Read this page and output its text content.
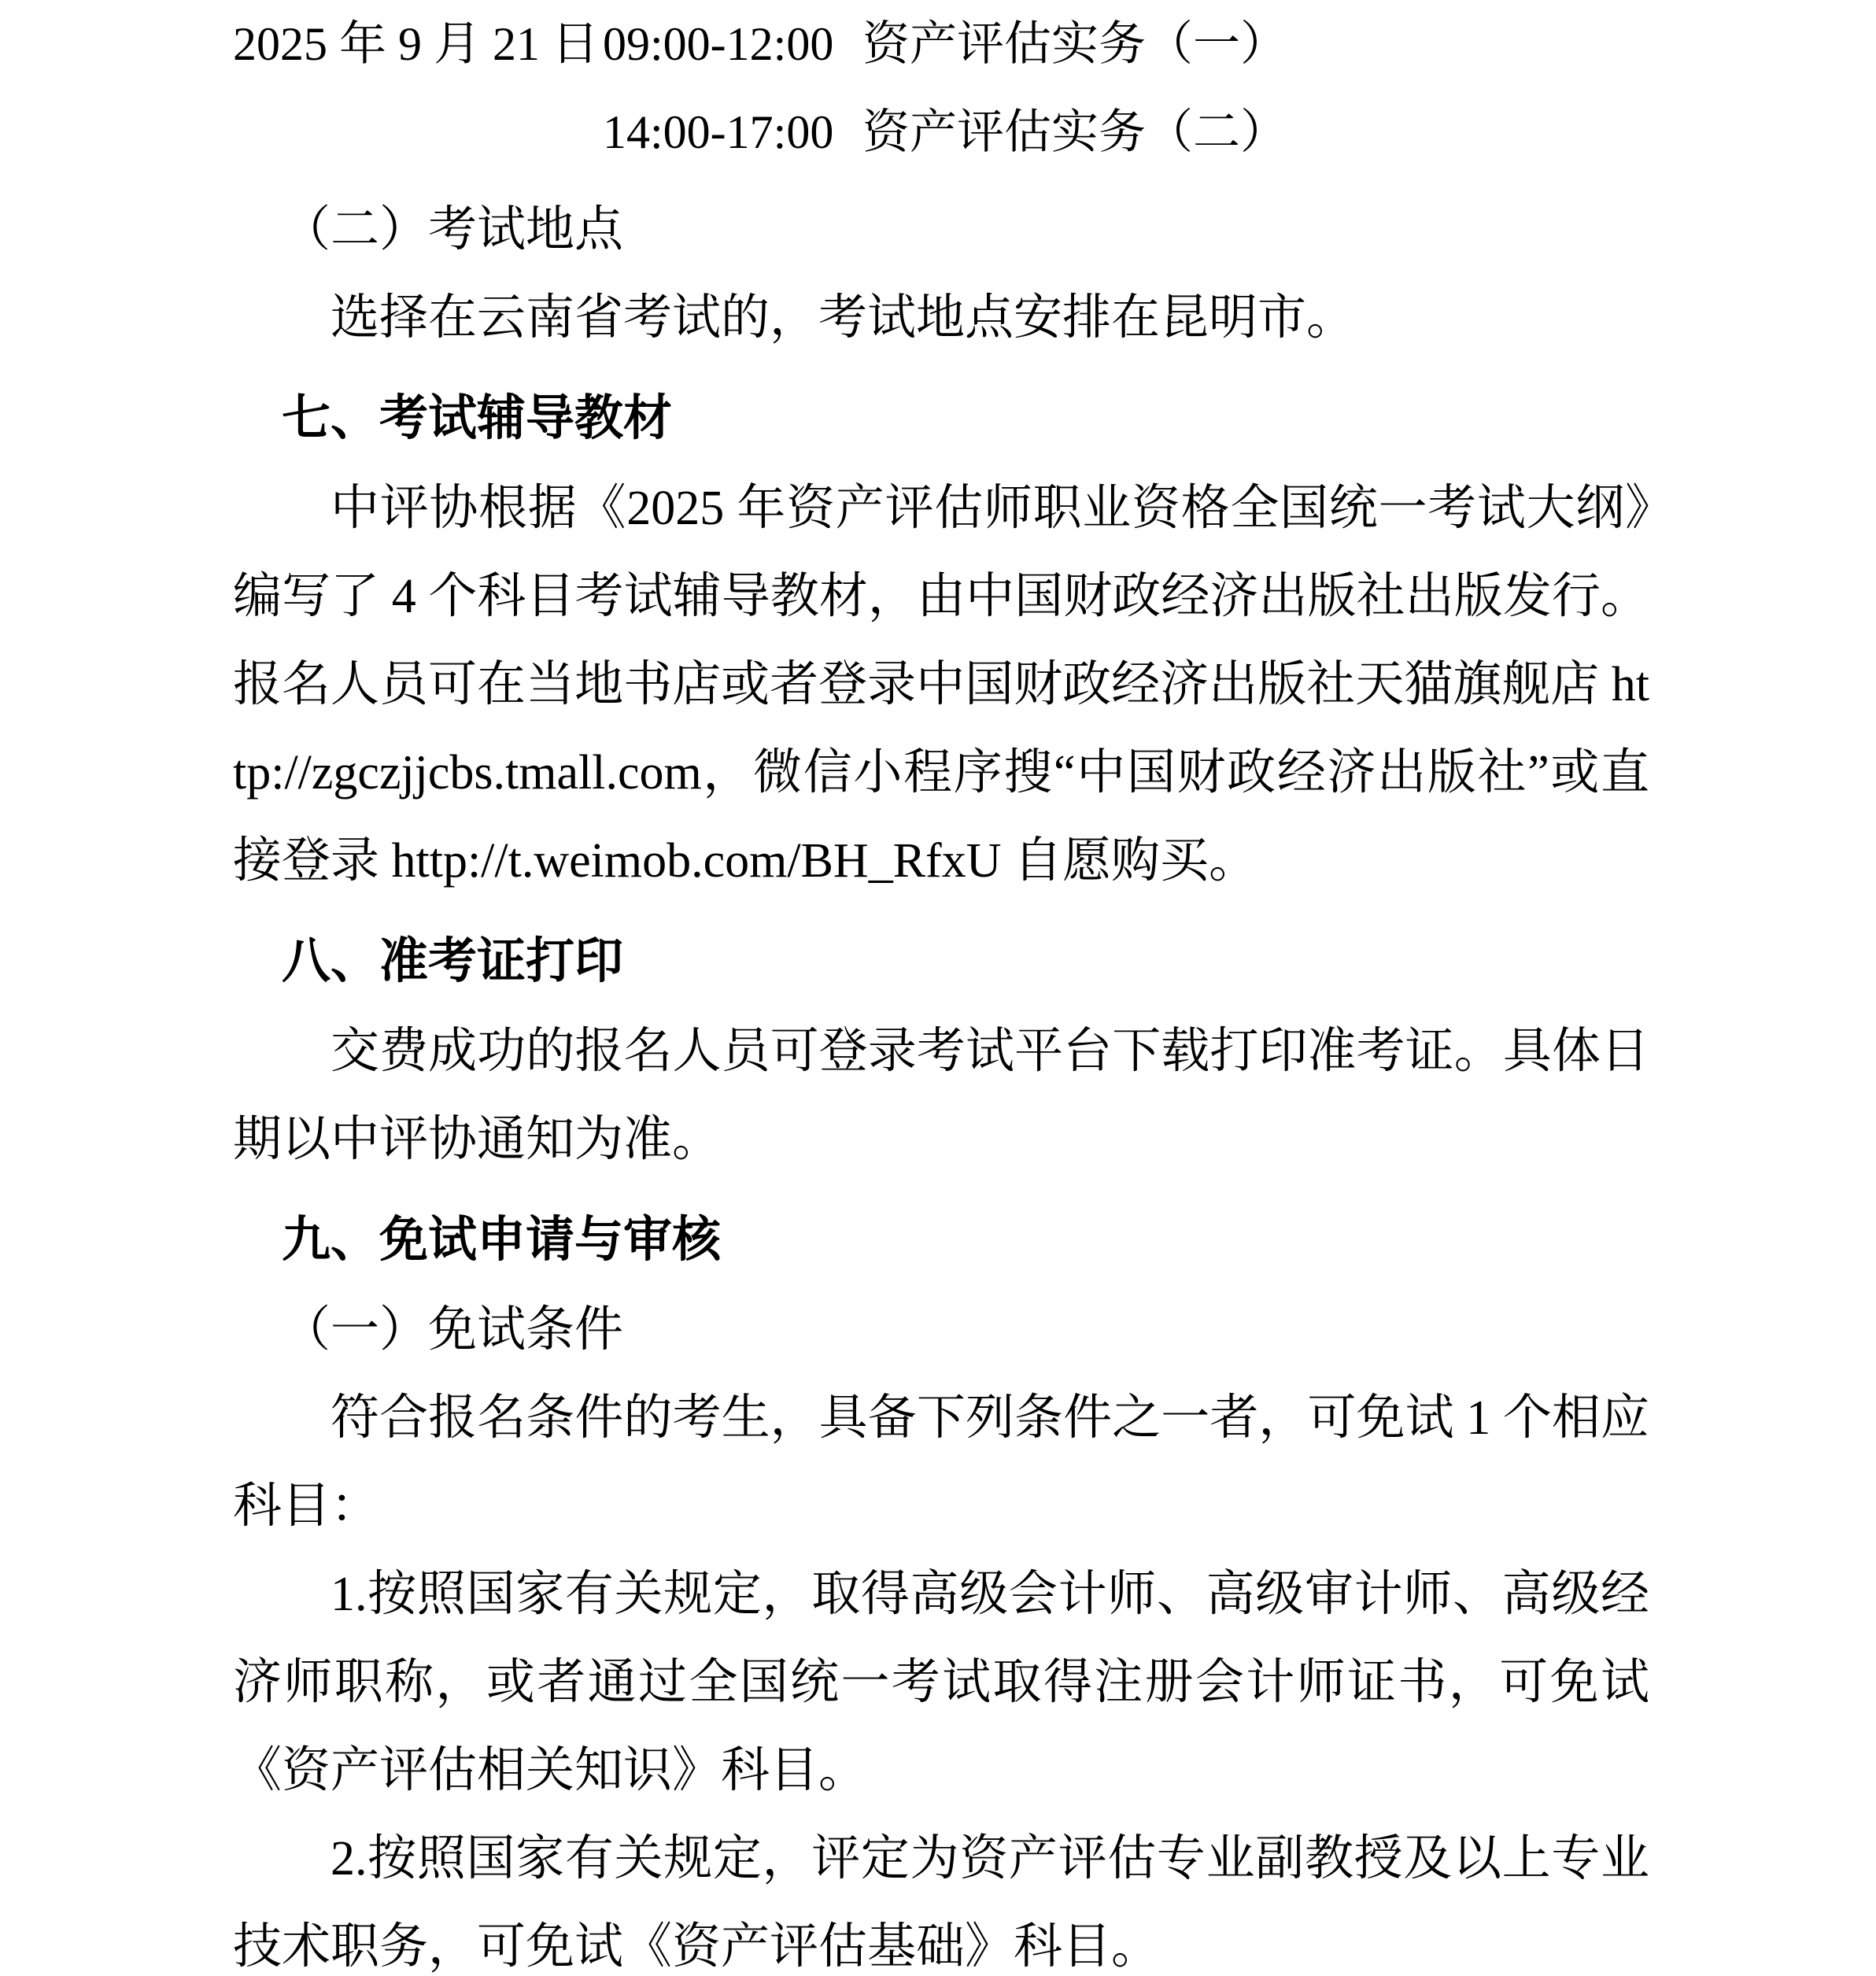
2025 年 9 月 21 日09:00-12:00 资产评估实务（一）
14:00-17:00 资产评估实务（二）
（二）考试地点
选择在云南省考试的，考试地点安排在昆明市。
七、考试辅导教材
中评协根据《2025 年资产评估师职业资格全国统一考试大纲》编写了 4 个科目考试辅导教材，由中国财政经济出版社出版发行。报名人员可在当地书店或者登录中国财政经济出版社天猫旗舰店 http://zgczjjcbs.tmall.com，微信小程序搜“中国财政经济出版社”或直接登录 http://t.weimob.com/BH_RfxU 自愿购买。
八、准考证打印
交费成功的报名人员可登录考试平台下载打印准考证。具体日期以中评协通知为准。
九、免试申请与审核
（一）免试条件
符合报名条件的考生，具备下列条件之一者，可免试 1 个相应科目：
1.按照国家有关规定，取得高级会计师、高级审计师、高级经济师职称，或者通过全国统一考试取得注册会计师证书，可免试《资产评估相关知识》科目。
2.按照国家有关规定，评定为资产评估专业副教授及以上专业技术职务，可免试《资产评估基础》科目。
